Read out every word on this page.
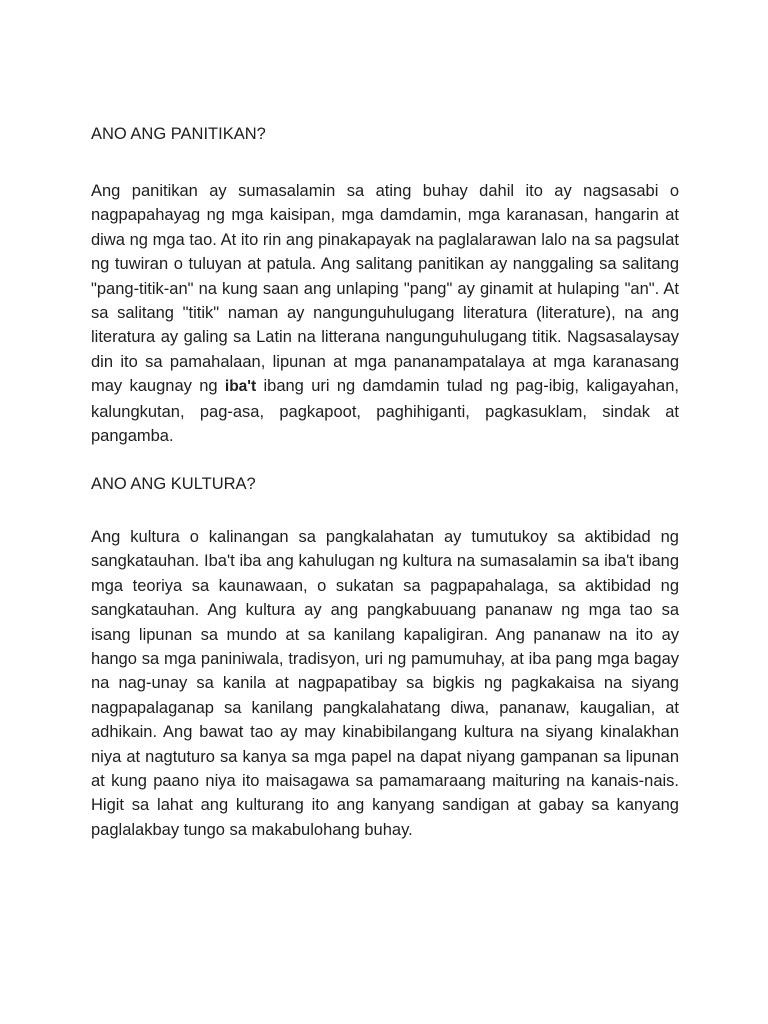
ANO ANG PANITIKAN?

Ang panitikan ay sumasalamin sa ating buhay dahil ito ay nagsasabi o nagpapahayag ng mga kaisipan, mga damdamin, mga karanasan, hangarin at diwa ng mga tao. At ito rin ang pinakapayak na paglalarawan lalo na sa pagsulat ng tuwiran o tuluyan at patula. Ang salitang panitikan ay nanggaling sa salitang "pang-titik-an" na kung saan ang unlaping "pang" ay ginamit at hulaping "an". At sa salitang "titik" naman ay nangunguhulugang literatura (literature), na ang literatura ay galing sa Latin na litterana nangunguhulugang titik. Nagsasalaysay din ito sa pamahalaan, lipunan at mga pananampatalaya at mga karanasang may kaugnay ng iba't ibang uri ng damdamin tulad ng pag-ibig, kaligayahan, kalungkutan, pag-asa, pagkapoot, paghihiganti, pagkasuklam, sindak at pangamba.

ANO ANG KULTURA?

Ang kultura o kalinangan sa pangkalahatan ay tumutukoy sa aktibidad ng sangkatauhan. Iba't iba ang kahulugan ng kultura na sumasalamin sa iba't ibang mga teoriya sa kaunawaan, o sukatan sa pagpapahalaga, sa aktibidad ng sangkatauhan. Ang kultura ay ang pangkabuuang pananaw ng mga tao sa isang lipunan sa mundo at sa kanilang kapaligiran. Ang pananaw na ito ay hango sa mga paniniwala, tradisyon, uri ng pamumuhay, at iba pang mga bagay na nag-unay sa kanila at nagpapatibay sa bigkis ng pagkakaisa na siyang nagpapalaganap sa kanilang pangkalahatang diwa, pananaw, kaugalian, at adhikain. Ang bawat tao ay may kinabibilangang kultura na siyang kinalakhan niya at nagtuturo sa kanya sa mga papel na dapat niyang gampanan sa lipunan at kung paano niya ito maisagawa sa pamamaraang maituring na kanais-nais. Higit sa lahat ang kulturang ito ang kanyang sandigan at gabay sa kanyang paglalakbay tungo sa makabulohang buhay.
